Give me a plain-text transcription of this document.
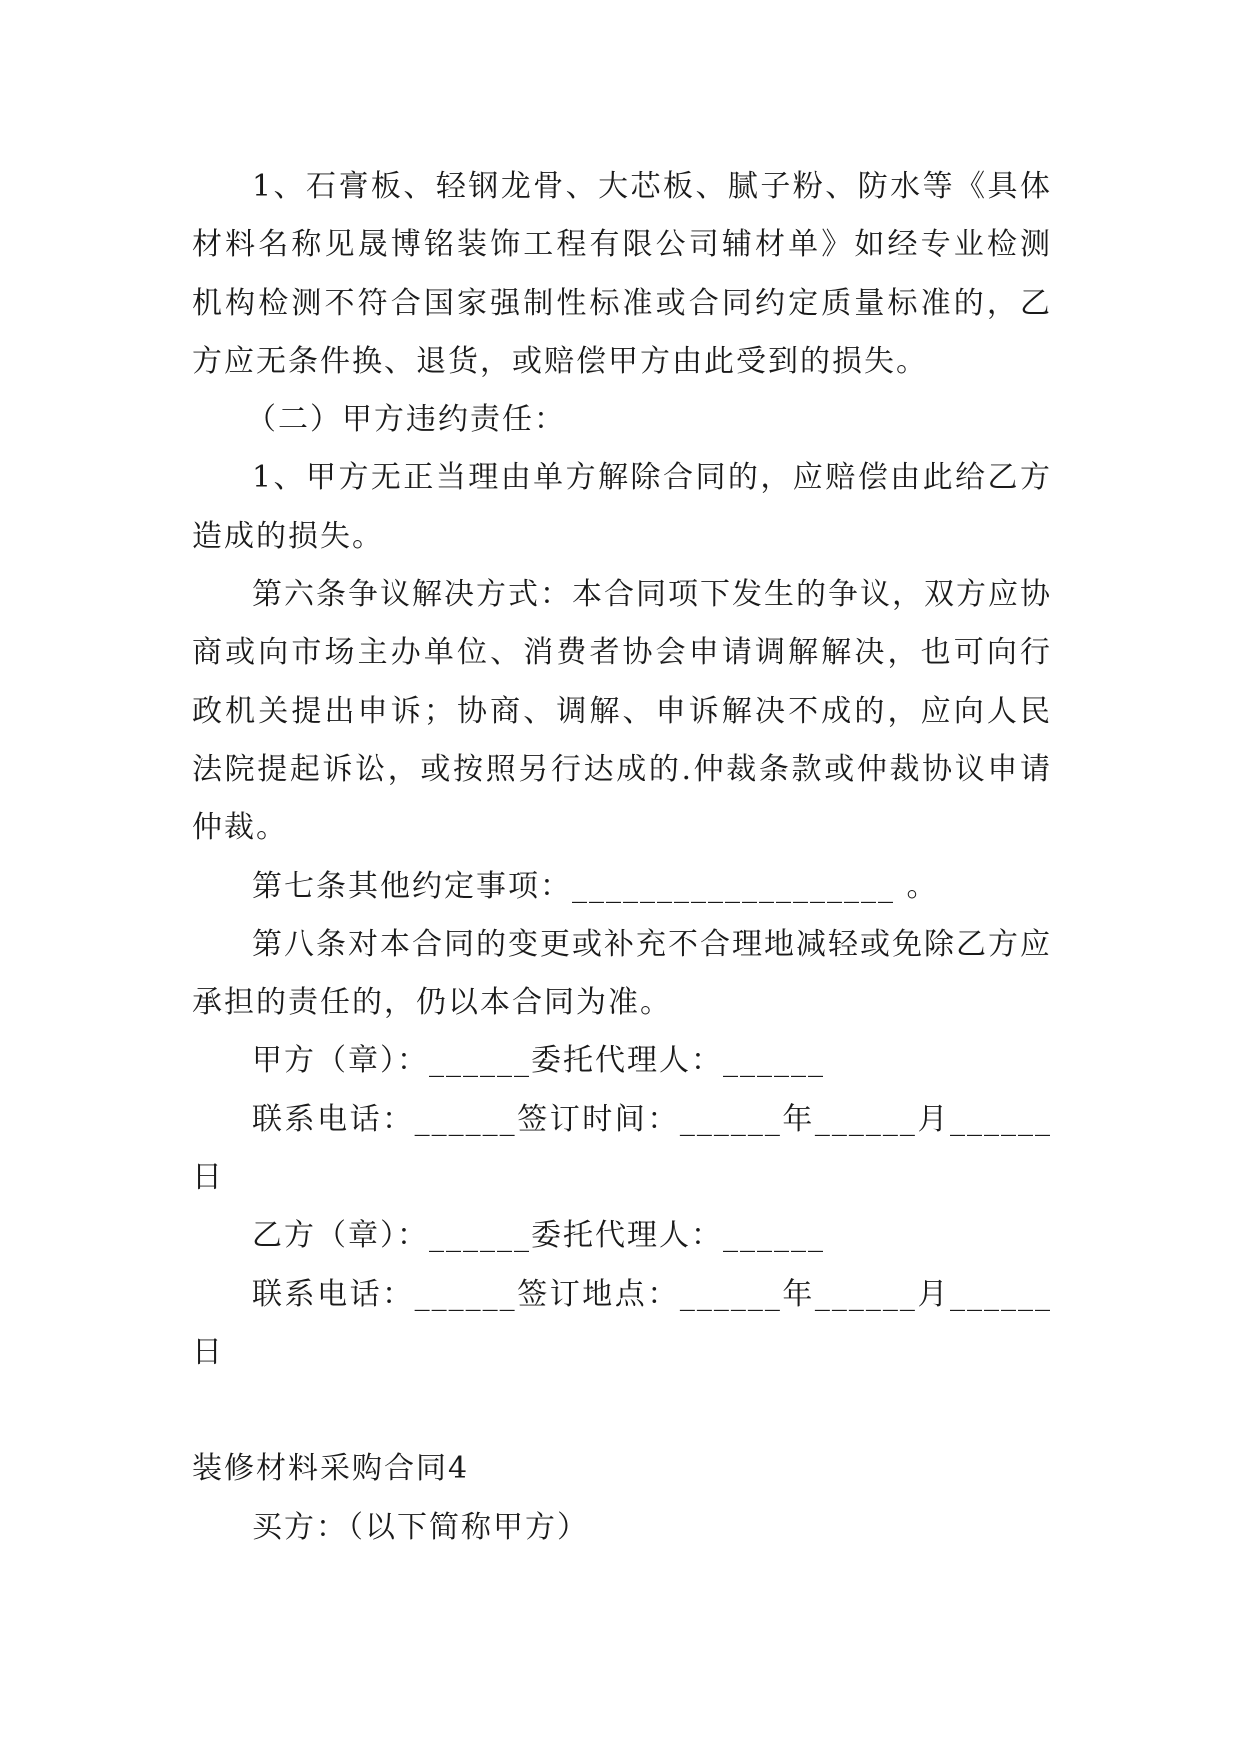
1、石膏板、轻钢龙骨、大芯板、腻子粉、防水等《具体材料名称见晟博铭装饰工程有限公司辅材单》如经专业检测机构检测不符合国家强制性标准或合同约定质量标准的，乙方应无条件换、退货，或赔偿甲方由此受到的损失。

（二）甲方违约责任：

1、甲方无正当理由单方解除合同的，应赔偿由此给乙方造成的损失。

第六条争议解决方式：本合同项下发生的争议，双方应协商或向市场主办单位、消费者协会申请调解解决，也可向行政机关提出申诉；协商、调解、申诉解决不成的，应向人民法院提起诉讼，或按照另行达成的.仲裁条款或仲裁协议申请仲裁。

第七条其他约定事项：___________________ 。

第八条对本合同的变更或补充不合理地减轻或免除乙方应承担的责任的，仍以本合同为准。

甲方（章）：______委托代理人：______

联系电话：______签订时间：______年______月______日

乙方（章）：______委托代理人：______

联系电话：______签订地点：______年______月______日

装修材料采购合同4

买方：（以下简称甲方）
